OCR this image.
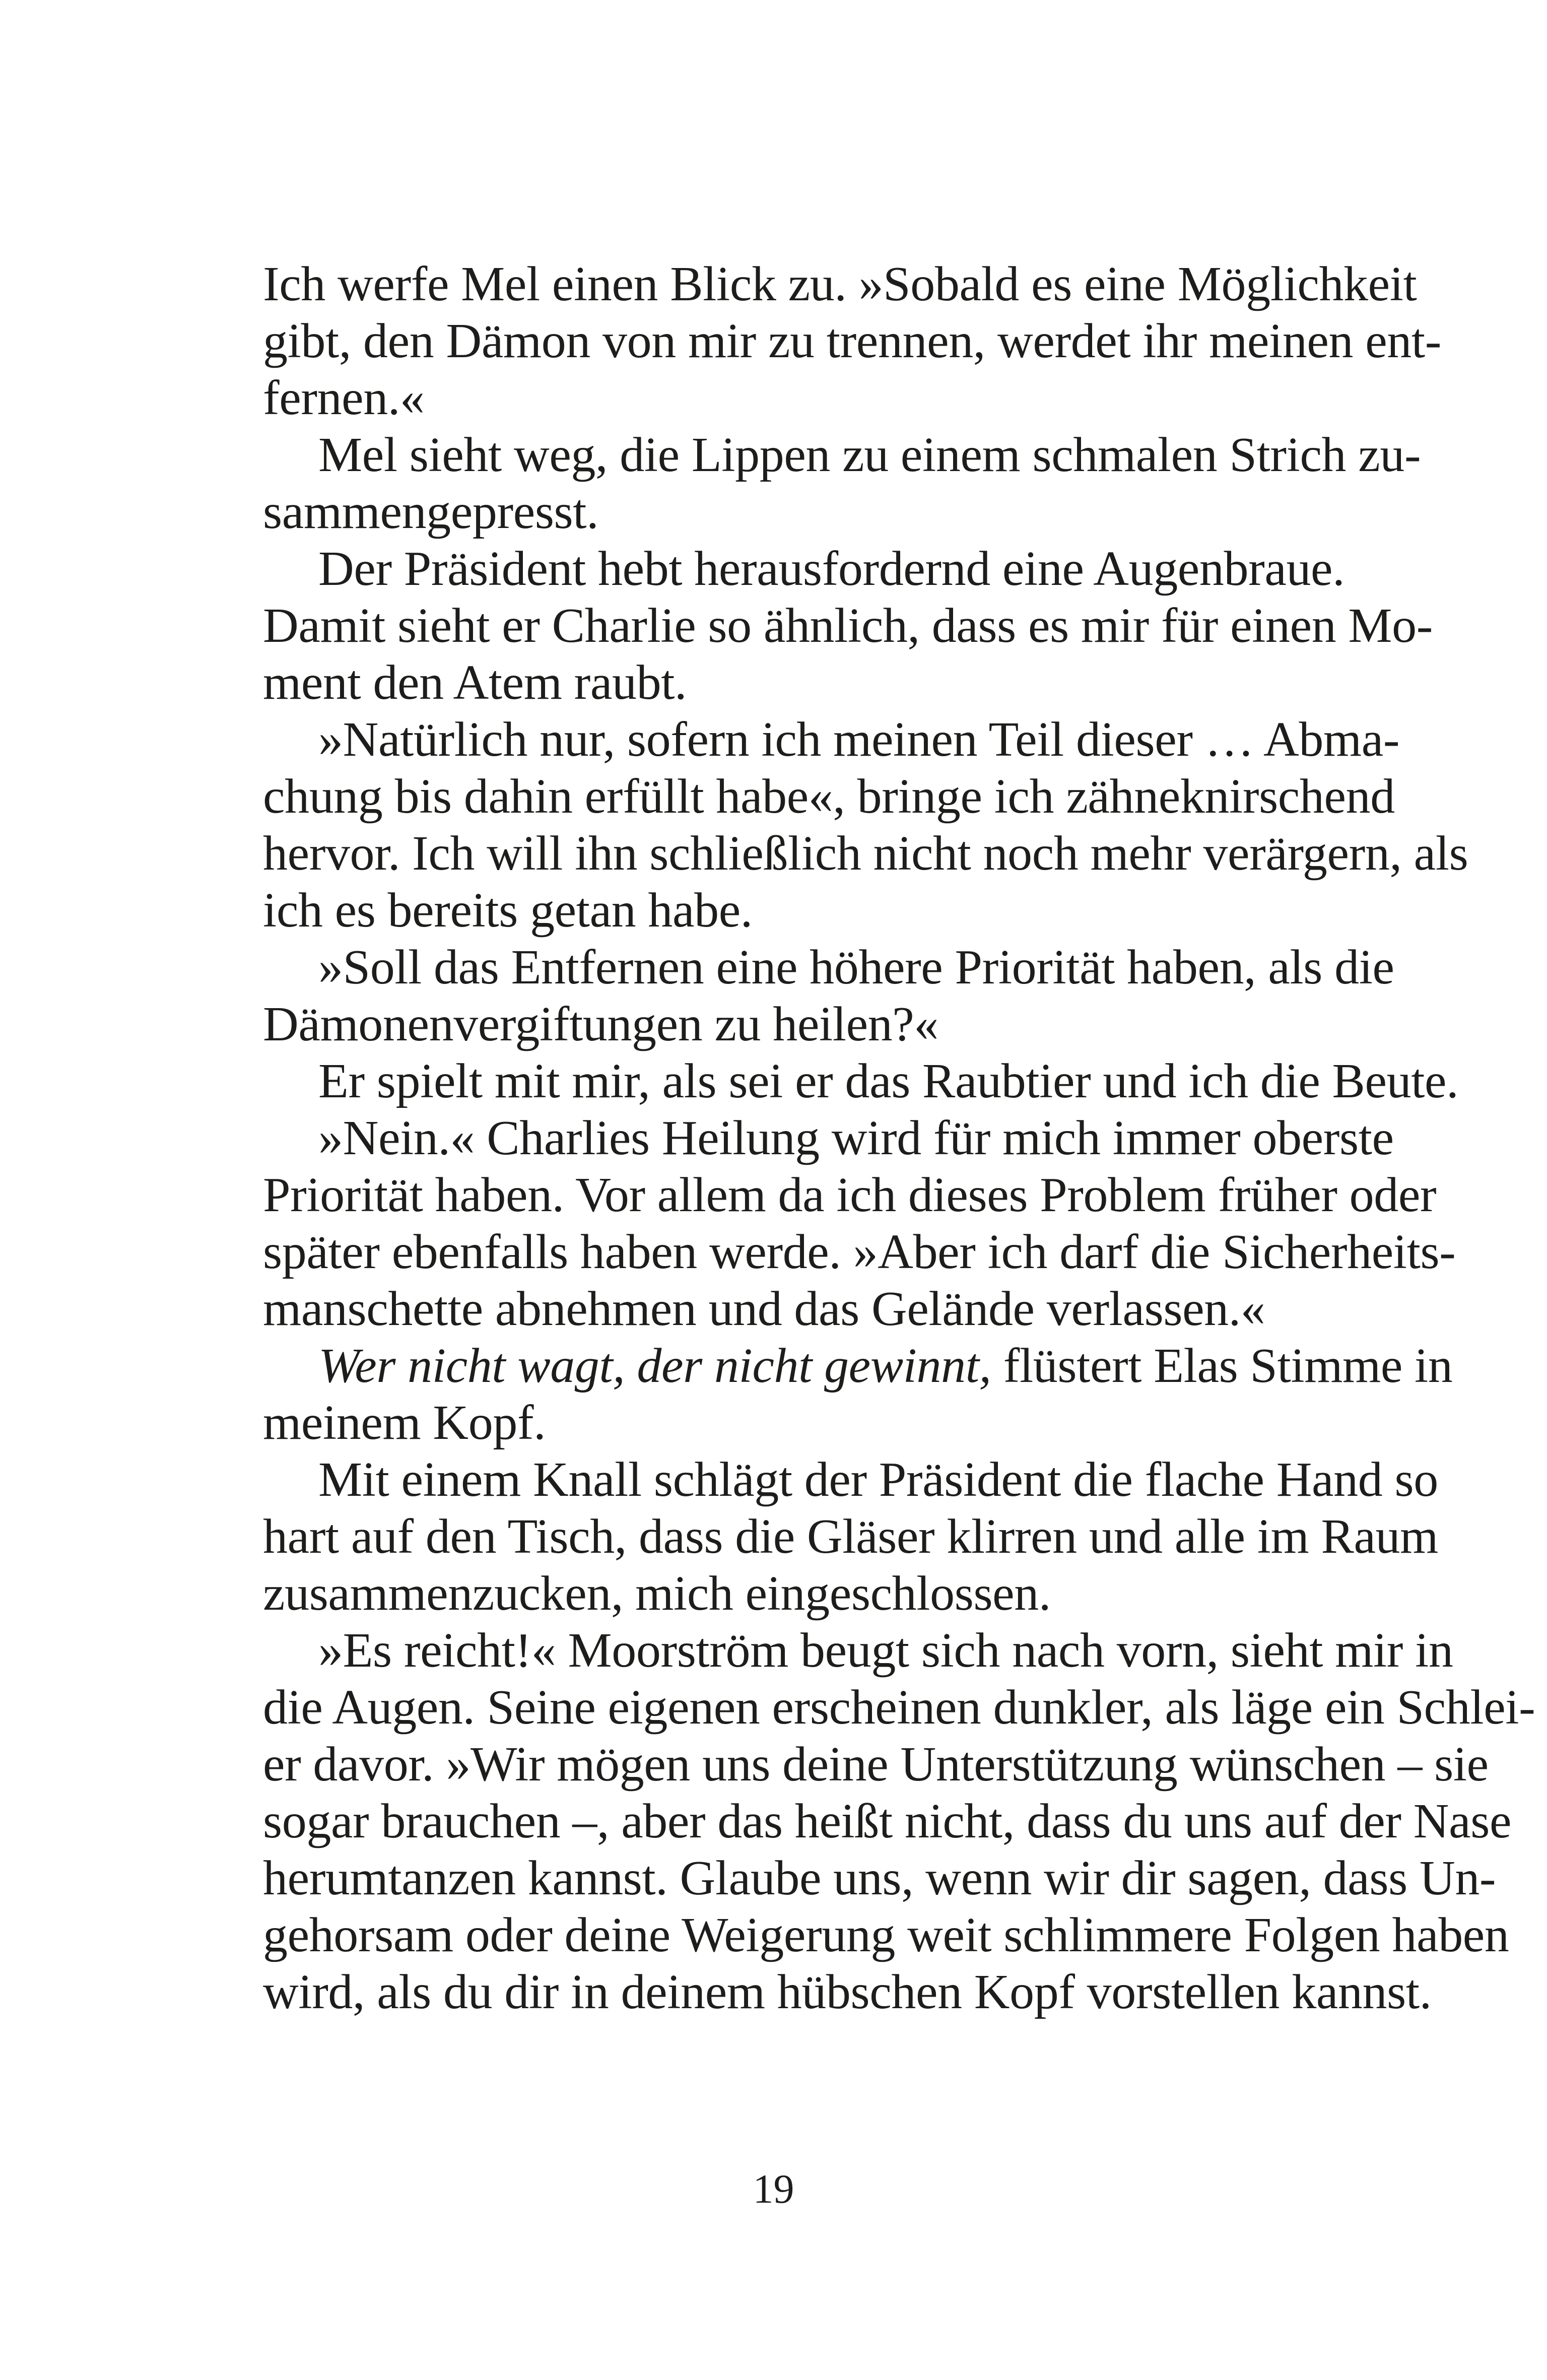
Ich werfe Mel einen Blick zu. »Sobald es eine Möglichkeit
gibt, den Dämon von mir zu trennen, werdet ihr meinen ent-
fernen.«
Mel sieht weg, die Lippen zu einem schmalen Strich zu-
sammengepresst.
Der Präsident hebt herausfordernd eine Augenbraue.
Damit sieht er Charlie so ähnlich, dass es mir für einen Mo-
ment den Atem raubt.
»Natürlich nur, sofern ich meinen Teil dieser … Abma-
chung bis dahin erfüllt habe«, bringe ich zähneknirschend
hervor. Ich will ihn schließlich nicht noch mehr verärgern, als
ich es bereits getan habe.
»Soll das Entfernen eine höhere Priorität haben, als die
Dämonenvergiftungen zu heilen?«
Er spielt mit mir, als sei er das Raubtier und ich die Beute.
»Nein.« Charlies Heilung wird für mich immer oberste
Priorität haben. Vor allem da ich dieses Problem früher oder
später ebenfalls haben werde. »Aber ich darf die Sicherheits-
manschette abnehmen und das Gelände verlassen.«
Wer nicht wagt, der nicht gewinnt, flüstert Elas Stimme in
meinem Kopf.
Mit einem Knall schlägt der Präsident die flache Hand so
hart auf den Tisch, dass die Gläser klirren und alle im Raum
zusammenzucken, mich eingeschlossen.
»Es reicht!« Moorström beugt sich nach vorn, sieht mir in
die Augen. Seine eigenen erscheinen dunkler, als läge ein Schlei-
er davor. »Wir mögen uns deine Unterstützung wünschen – sie
sogar brauchen –, aber das heißt nicht, dass du uns auf der Nase
herumtanzen kannst. Glaube uns, wenn wir dir sagen, dass Un-
gehorsam oder deine Weigerung weit schlimmere Folgen haben
wird, als du dir in deinem hübschen Kopf vorstellen kannst.
19
